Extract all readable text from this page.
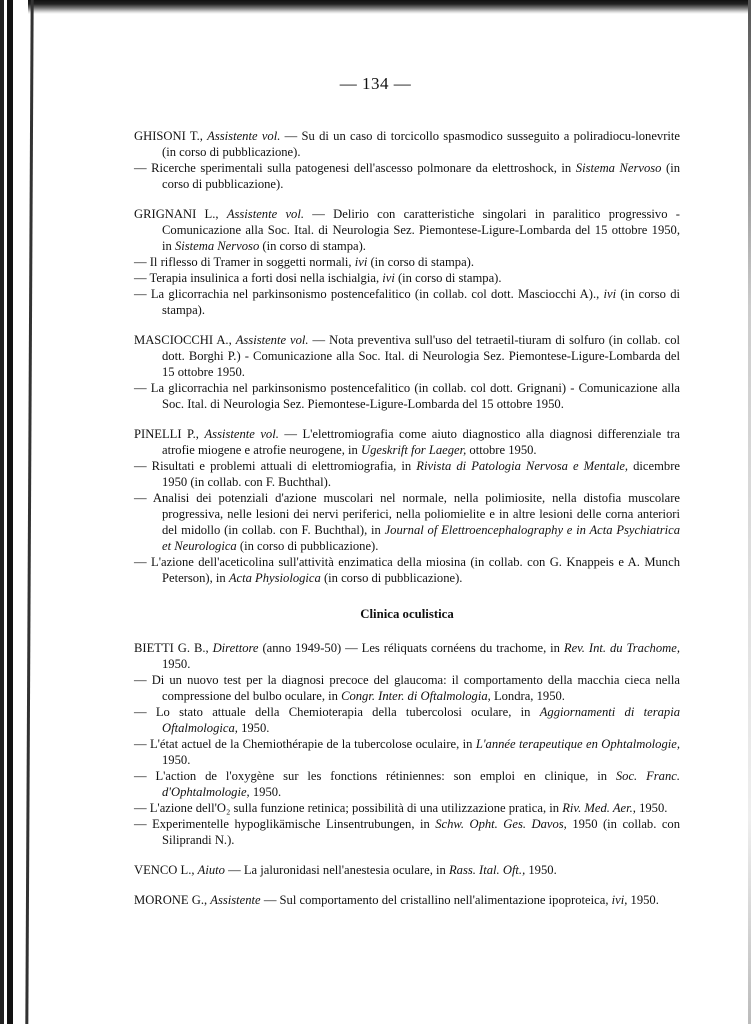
— 134 —
GHISONI T., Assistente vol. — Su di un caso di torcicollo spasmodico susseguito a poliradiocu-lonevrite (in corso di pubblicazione).
— Ricerche sperimentali sulla patogenesi dell'ascesso polmonare da elettroshock, in Sistema Nervoso (in corso di pubblicazione).
GRIGNANI L., Assistente vol. — Delirio con caratteristiche singolari in paralitico progressivo - Comunicazione alla Soc. Ital. di Neurologia Sez. Piemontese-Ligure-Lombarda del 15 ottobre 1950, in Sistema Nervoso (in corso di stampa).
— Il riflesso di Tramer in soggetti normali, ivi (in corso di stampa).
— Terapia insulinica a forti dosi nella ischialgia, ivi (in corso di stampa).
— La glicorrachia nel parkinsonismo postencefalitico (in collab. col dott. Masciocchi A)., ivi (in corso di stampa).
MASCIOCCHI A., Assistente vol. — Nota preventiva sull'uso del tetraetil-tiuram di solfuro (in collab. col dott. Borghi P.) - Comunicazione alla Soc. Ital. di Neurologia Sez. Piemontese-Ligure-Lombarda del 15 ottobre 1950.
— La glicorrachia nel parkinsonismo postencefalitico (in collab. col dott. Grignani) - Comunicazione alla Soc. Ital. di Neurologia Sez. Piemontese-Ligure-Lombarda del 15 ottobre 1950.
PINELLI P., Assistente vol. — L'elettromiografia come aiuto diagnostico alla diagnosi differenziale tra atrofie miogene e atrofie neurogene, in Ugeskrift for Laeger, ottobre 1950.
— Risultati e problemi attuali di elettromiografia, in Rivista di Patologia Nervosa e Mentale, dicembre 1950 (in collab. con F. Buchthal).
— Analisi dei potenziali d'azione muscolari nel normale, nella polimiosite, nella distofia muscolare progressiva, nelle lesioni dei nervi periferici, nella poliomielite e in altre lesioni delle corna anteriori del midollo (in collab. con F. Buchthal), in Journal of Elettroencephalography e in Acta Psychiatrica et Neurologica (in corso di pubblicazione).
— L'azione dell'aceticolina sull'attività enzimatica della miosina (in collab. con G. Knappeis e A. Munch Peterson), in Acta Physiologica (in corso di pubblicazione).
Clinica oculistica
BIETTI G. B., Direttore (anno 1949-50) — Les réliquats cornéens du trachome, in Rev. Int. du Trachome, 1950.
— Di un nuovo test per la diagnosi precoce del glaucoma: il comportamento della macchia cieca nella compressione del bulbo oculare, in Congr. Inter. di Oftalmologia, Londra, 1950.
— Lo stato attuale della Chemioterapia della tubercolosi oculare, in Aggiornamenti di terapia Oftalmologica, 1950.
— L'état actuel de la Chemiothérapie de la tubercolose oculaire, in L'année terapeutique en Ophtalmologie, 1950.
— L'action de l'oxygène sur les fonctions rétiniennes: son emploi en clinique, in Soc. Franc. d'Ophtalmologie, 1950.
— L'azione dell'O₂ sulla funzione retinica; possibilità di una utilizzazione pratica, in Riv. Med. Aer., 1950.
— Experimentelle hypoglikämische Linsentrubungen, in Schw. Opht. Ges. Davos, 1950 (in collab. con Siliprandi N.).
VENCO L., Aiuto — La jaluronidasi nell'anestesia oculare, in Rass. Ital. Oft., 1950.
MORONE G., Assistente — Sul comportamento del cristallino nell'alimentazione ipoproteica, ivi, 1950.
